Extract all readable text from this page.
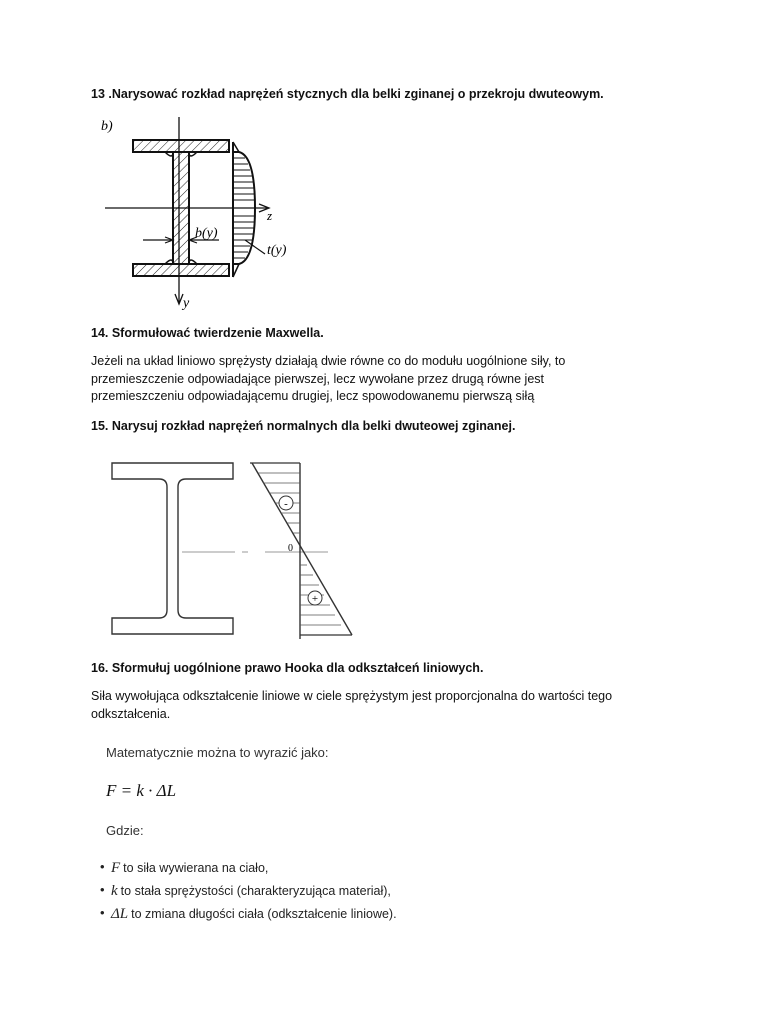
13 .Narysować rozkład naprężeń stycznych dla belki zginanej o przekroju dwuteowym.
b)
y
z
b(y)
t(y)
14. Sformułować twierdzenie Maxwella.
Jeżeli na układ liniowo sprężysty działają dwie równe co do modułu uogólnione siły, to
przemieszczenie odpowiadające pierwszej, lecz wywołane przez drugą równe jest
przemieszczeniu odpowiadającemu drugiej, lecz spowodowanemu pierwszą siłą
15. Narysuj rozkład naprężeń normalnych dla belki dwuteowej zginanej.
-
+
0
16. Sformułuj uogólnione prawo Hooka dla odkształceń liniowych.
Siła wywołująca odkształcenie liniowe w ciele sprężystym jest proporcjonalna do wartości tego
odkształcenia.
Matematycznie można to wyrazić jako:
F = k · ΔL
Gdzie:
• F to siła wywierana na ciało,
• k to stała sprężystości (charakteryzująca materiał),
• ΔL to zmiana długości ciała (odkształcenie liniowe).
